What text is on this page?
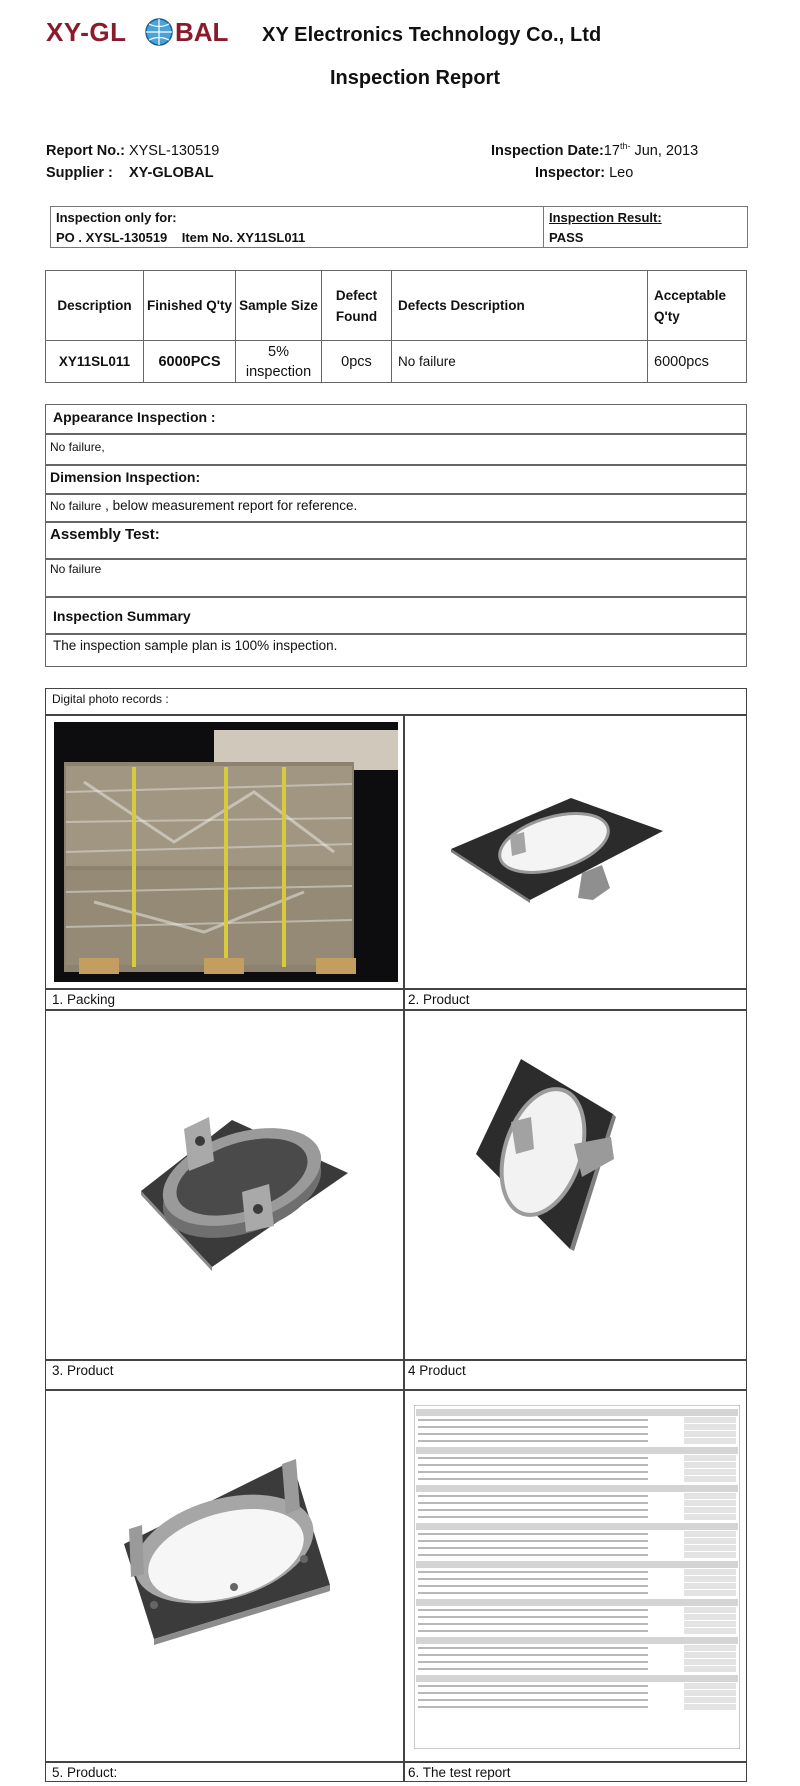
XY-GL BAL XY Electronics Technology Co., Ltd
Inspection Report
Report No.: XYSL-130519
Supplier : XY-GLOBAL
Inspection $Date:17^{th-}$ Jun, 2013
Inspector: Leo
Inspection only for:
PO . XYSL-130519    Item No. XY11SL011
Inspection Result:
PASS
Description	Finished Q'ty	Sample Size	Defect Found	Defects Description	Acceptable Q'ty
XY11SL011	6000PCS	5% inspection	0pcs	No failure	6000pcs
Appearance Inspection :
No failure,
Dimension Inspection:
No failure , below measurement report for reference.
Assembly Test:
No failure
Inspection Summary
The inspection sample plan is 100% inspection.
Digital photo records :
1. Packing	2. Product
3. Product	4 Product
5. Product:	6. The test report
